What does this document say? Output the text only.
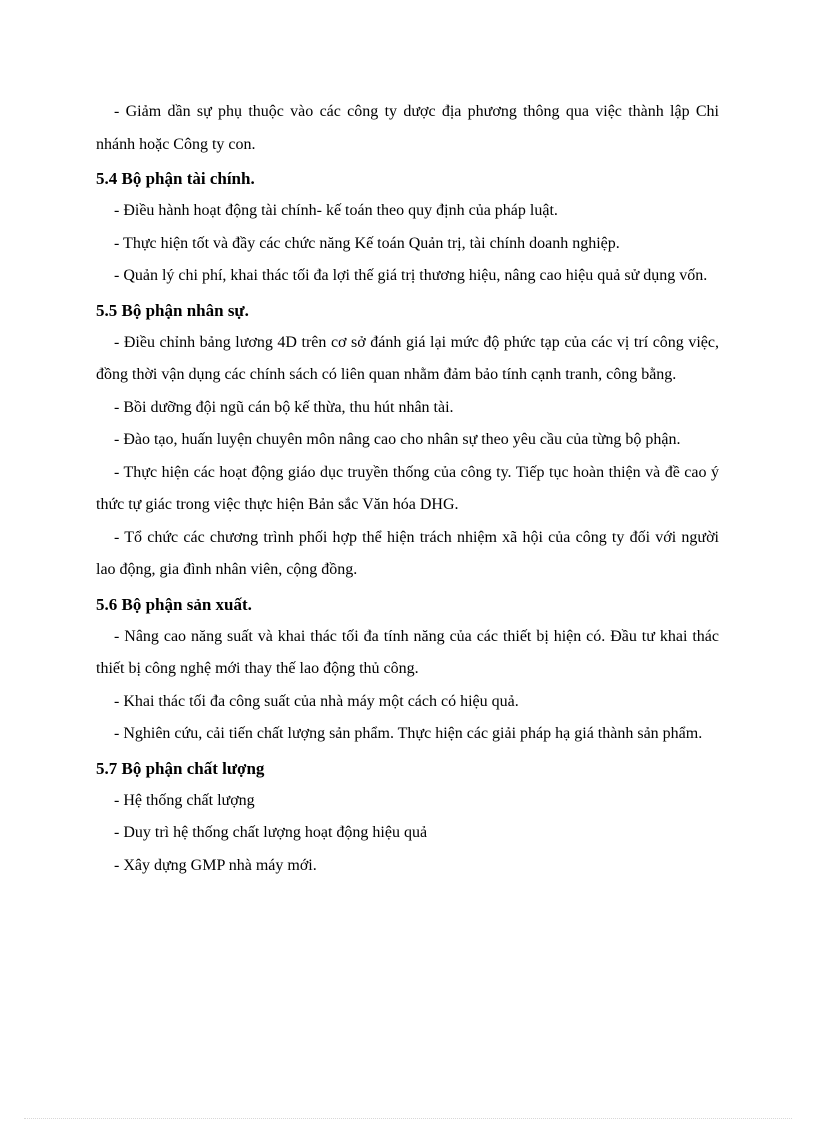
- Giảm dần sự phụ thuộc vào các công ty dược địa phương thông qua việc thành lập Chi nhánh hoặc Công ty con.

5.4 Bộ phận tài chính.

- Điều hành hoạt động tài chính- kế toán theo quy định của pháp luật.

- Thực hiện tốt và đầy các chức năng Kế toán Quản trị, tài chính doanh nghiệp.

- Quản lý chi phí, khai thác tối đa lợi thế giá trị thương hiệu, nâng cao hiệu quả sử dụng vốn.

5.5 Bộ phận nhân sự.

- Điều chỉnh bảng lương 4D trên cơ sở đánh giá lại mức độ phức tạp của các vị trí công việc, đồng thời vận dụng các chính sách có liên quan nhằm đảm bảo tính cạnh tranh, công bằng.

- Bồi dưỡng đội ngũ cán bộ kế thừa, thu hút nhân tài.

- Đào tạo, huấn luyện chuyên môn nâng cao cho nhân sự theo yêu cầu của từng bộ phận.

- Thực hiện các hoạt động giáo dục truyền thống của công ty. Tiếp tục hoàn thiện và đề cao ý thức tự giác trong việc thực hiện Bản sắc Văn hóa DHG.

- Tổ chức các chương trình phối hợp thể hiện trách nhiệm xã hội của công ty đối với người lao động, gia đình nhân viên, cộng đồng.

5.6 Bộ phận sản xuất.

- Nâng cao năng suất và khai thác tối đa tính năng của các thiết bị hiện có. Đầu tư khai thác thiết bị công nghệ mới thay thế lao động thủ công.

- Khai thác tối đa công suất của nhà máy một cách có hiệu quả.

- Nghiên cứu, cải tiến chất lượng sản phẩm. Thực hiện các giải pháp hạ giá thành sản phẩm.

5.7 Bộ phận chất lượng

- Hệ thống chất lượng

- Duy trì hệ thống chất lượng hoạt động hiệu quả

- Xây dựng GMP nhà máy mới.
